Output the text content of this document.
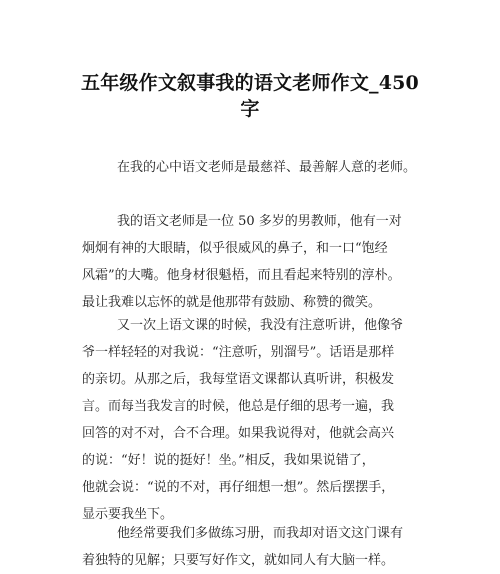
五年级作文叙事我的语文老师作文_450
字
在我的心中语文老师是最慈祥、最善解人意的老师。
我的语文老师是一位 50 多岁的男教师，他有一对
炯炯有神的大眼睛，似乎很威风的鼻子，和一口“饱经
风霜”的大嘴。他身材很魁梧，而且看起来特别的淳朴。
最让我难以忘怀的就是他那带有鼓励、称赞的微笑。
又一次上语文课的时候，我没有注意听讲，他像爷
爷一样轻轻的对我说：“注意听，别溜号”。话语是那样
的亲切。从那之后，我每堂语文课都认真听讲，积极发
言。而每当我发言的时候，他总是仔细的思考一遍，我
回答的对不对，合不合理。如果我说得对，他就会高兴
的说：“好！说的挺好！坐。”相反，我如果说错了，
他就会说：“说的不对，再仔细想一想”。然后摆摆手，
显示要我坐下。
他经常要我们多做练习册，而我却对语文这门课有
着独特的见解；只要写好作文，就如同人有大脑一样。
